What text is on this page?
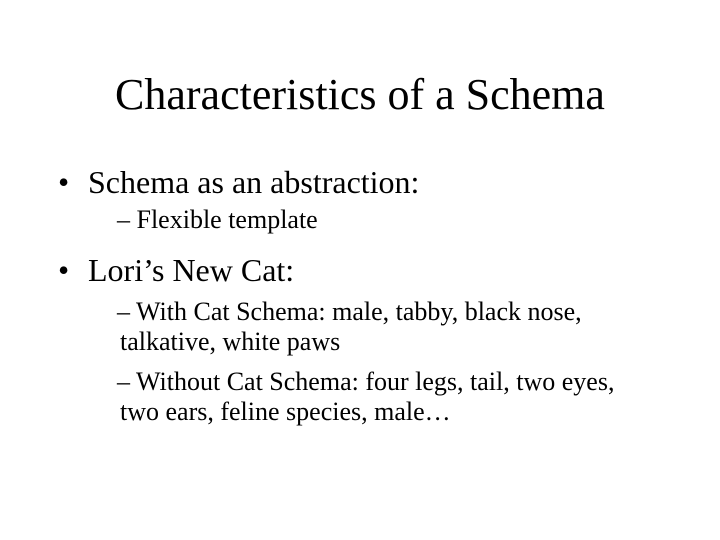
Characteristics of a Schema
• Schema as an abstraction:
– Flexible template
• Lori’s New Cat:
– With Cat Schema: male, tabby, black nose,
talkative, white paws
– Without Cat Schema: four legs, tail, two eyes,
two ears, feline species, male…
